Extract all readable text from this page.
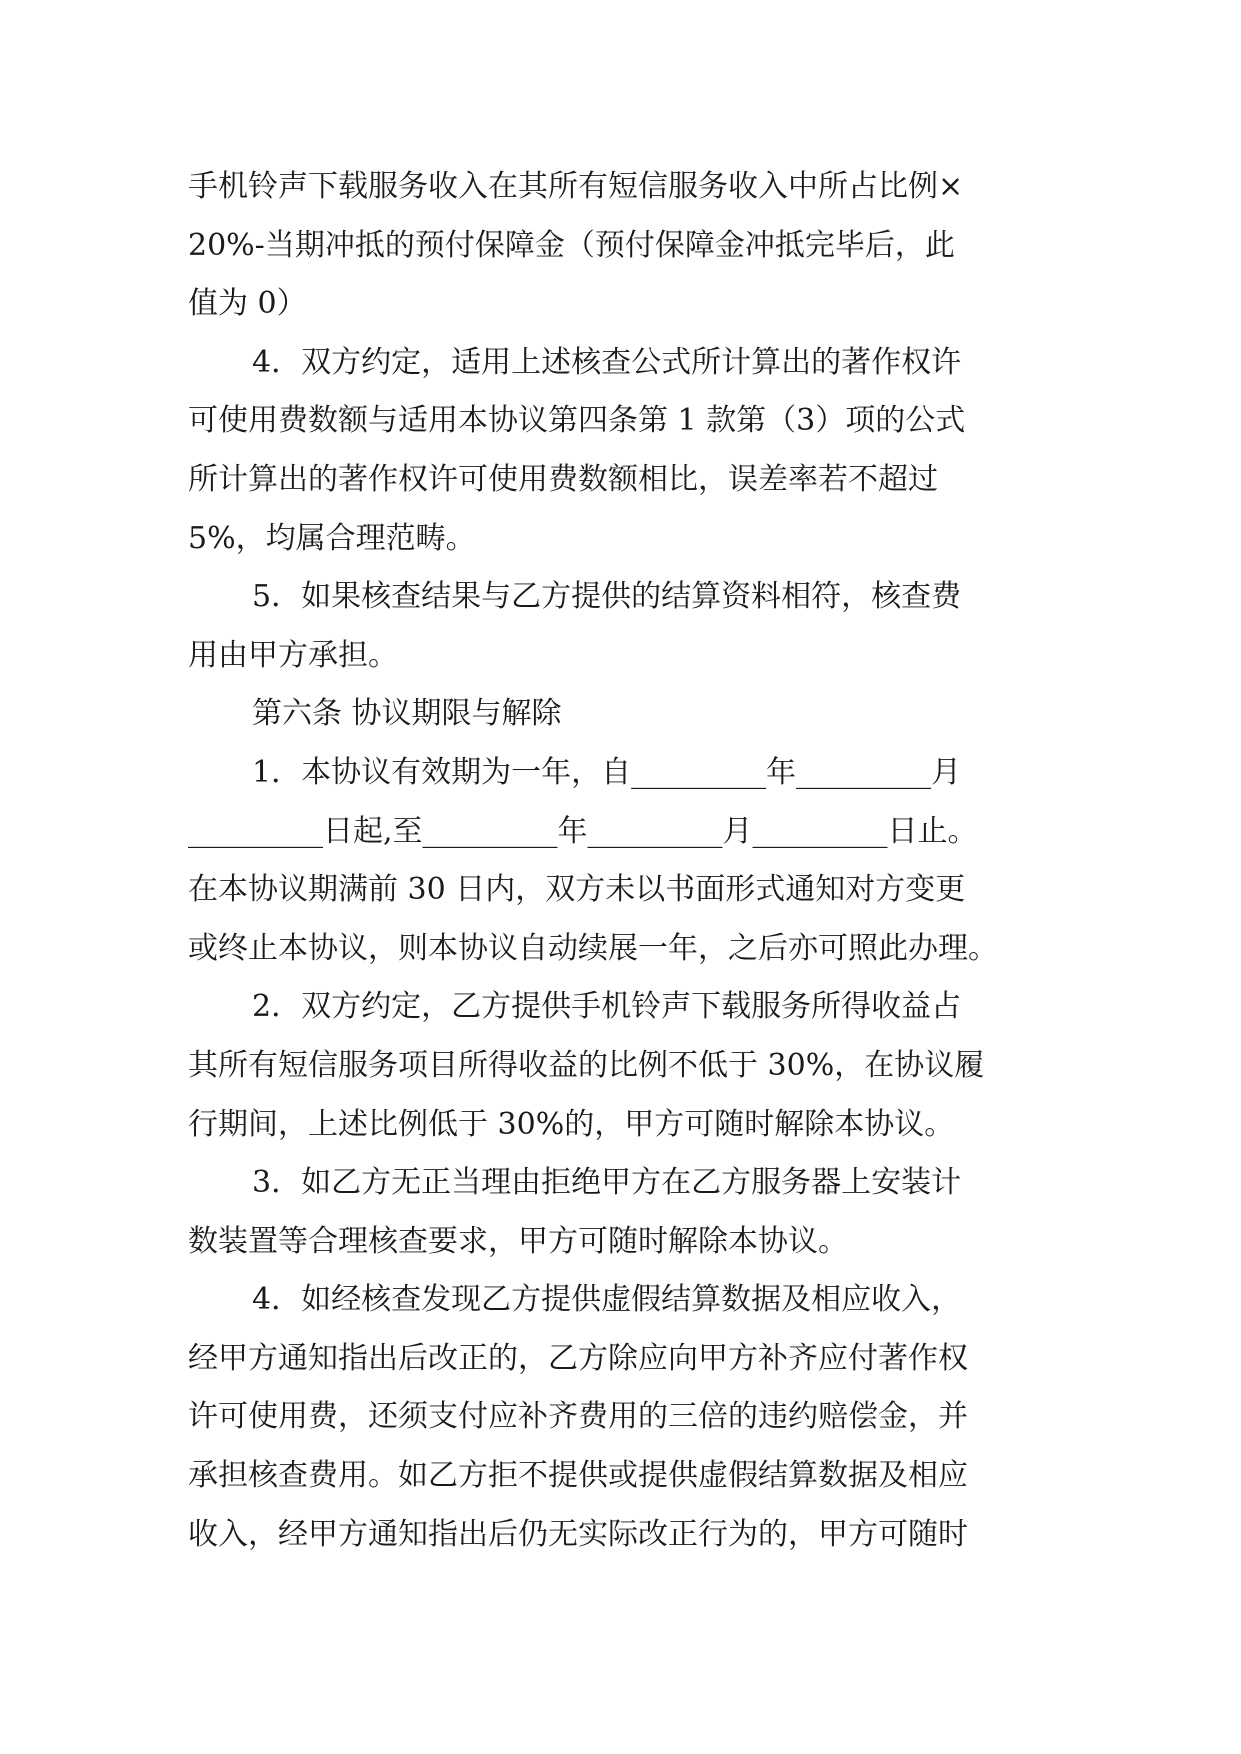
手机铃声下载服务收入在其所有短信服务收入中所占比例×
20%-当期冲抵的预付保障金（预付保障金冲抵完毕后，此
值为 0）
4．双方约定，适用上述核查公式所计算出的著作权许
可使用费数额与适用本协议第四条第 1 款第（3）项的公式
所计算出的著作权许可使用费数额相比，误差率若不超过
5%，均属合理范畴。
5．如果核查结果与乙方提供的结算资料相符，核查费
用由甲方承担。
第六条 协议期限与解除
1．本协议有效期为一年，自_________年_________月
_________日起,至_________年_________月_________日止。
在本协议期满前 30 日内，双方未以书面形式通知对方变更
或终止本协议，则本协议自动续展一年，之后亦可照此办理。
2．双方约定，乙方提供手机铃声下载服务所得收益占
其所有短信服务项目所得收益的比例不低于 30%，在协议履
行期间，上述比例低于 30%的，甲方可随时解除本协议。
3．如乙方无正当理由拒绝甲方在乙方服务器上安装计
数装置等合理核查要求，甲方可随时解除本协议。
4．如经核查发现乙方提供虚假结算数据及相应收入，
经甲方通知指出后改正的，乙方除应向甲方补齐应付著作权
许可使用费，还须支付应补齐费用的三倍的违约赔偿金，并
承担核查费用。如乙方拒不提供或提供虚假结算数据及相应
收入，经甲方通知指出后仍无实际改正行为的，甲方可随时
